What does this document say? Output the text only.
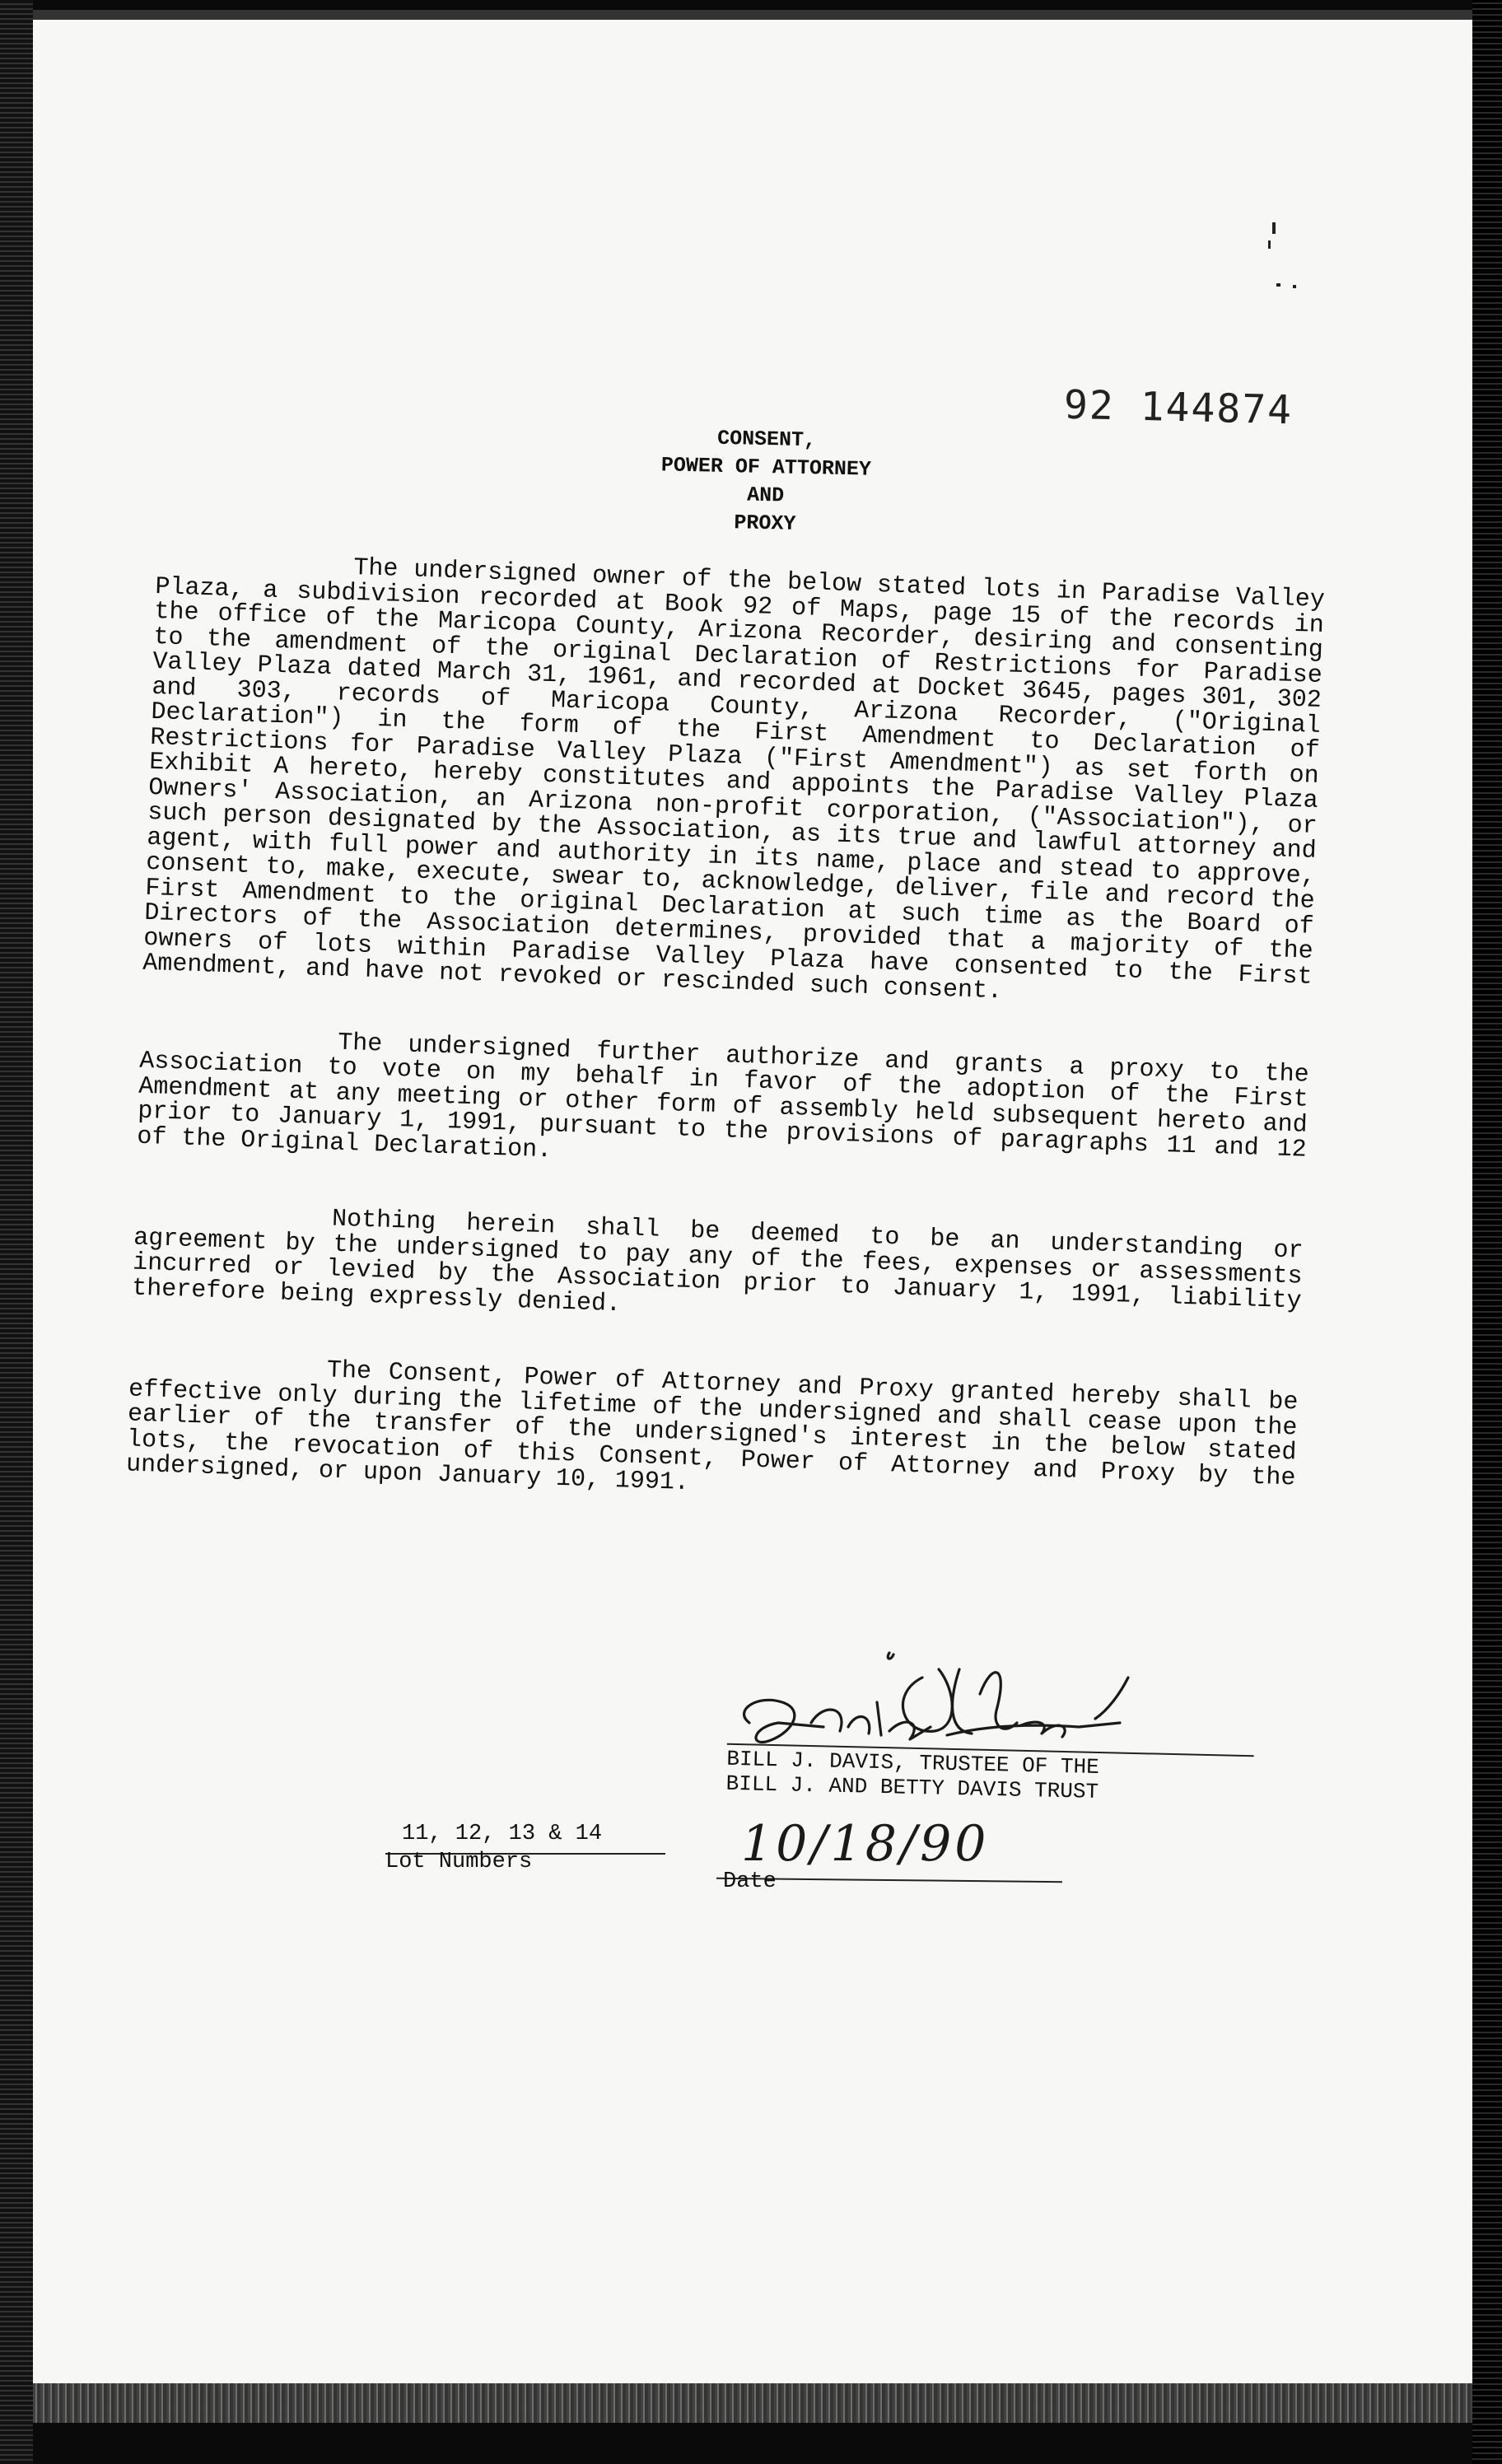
92 144874
CONSENT,
POWER OF ATTORNEY
AND
PROXY

The undersigned owner of the below stated lots in Paradise Valley Plaza, a subdivision recorded at Book 92 of Maps, page 15 of the records in the office of the Maricopa County, Arizona Recorder, desiring and consenting to the amendment of the original Declaration of Restrictions for Paradise Valley Plaza dated March 31, 1961, and recorded at Docket 3645, pages 301, 302 and 303, records of Maricopa County, Arizona Recorder, ("Original Declaration") in the form of the First Amendment to Declaration of Restrictions for Paradise Valley Plaza ("First Amendment") as set forth on Exhibit A hereto, hereby constitutes and appoints the Paradise Valley Plaza Owners' Association, an Arizona non-profit corporation, ("Association"), or such person designated by the Association, as its true and lawful attorney and agent, with full power and authority in its name, place and stead to approve, consent to, make, execute, swear to, acknowledge, deliver, file and record the First Amendment to the original Declaration at such time as the Board of Directors of the Association determines, provided that a majority of the owners of lots within Paradise Valley Plaza have consented to the First Amendment, and have not revoked or rescinded such consent.

The undersigned further authorize and grants a proxy to the Association to vote on my behalf in favor of the adoption of the First Amendment at any meeting or other form of assembly held subsequent hereto and prior to January 1, 1991, pursuant to the provisions of paragraphs 11 and 12 of the Original Declaration.

Nothing herein shall be deemed to be an understanding or agreement by the undersigned to pay any of the fees, expenses or assessments incurred or levied by the Association prior to January 1, 1991, liability therefore being expressly denied.

The Consent, Power of Attorney and Proxy granted hereby shall be effective only during the lifetime of the undersigned and shall cease upon the earlier of the transfer of the undersigned's interest in the below stated lots, the revocation of this Consent, Power of Attorney and Proxy by the undersigned, or upon January 10, 1991.

BILL J. DAVIS, TRUSTEE OF THE
BILL J. AND BETTY DAVIS TRUST
11, 12, 13 & 14
Lot Numbers	10/18/90
Date
